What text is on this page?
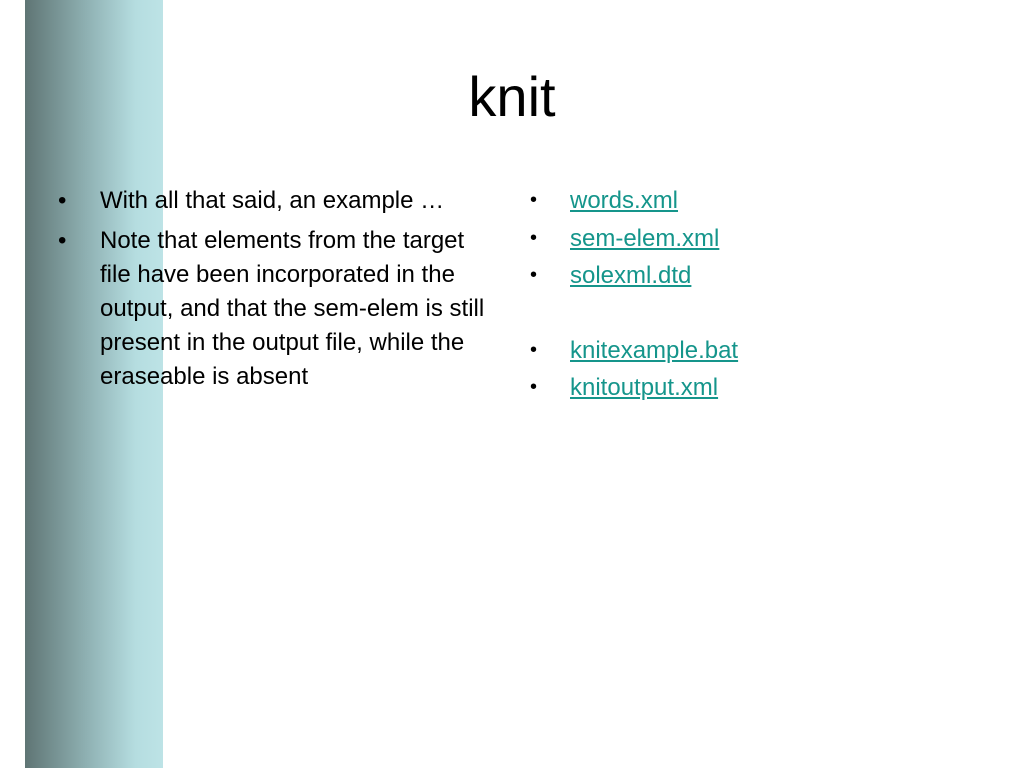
knit
• With all that said, an example …
• Note that elements from the target file have been incorporated in the output, and that the sem-elem is still present in the output file, while the eraseable is absent
• words.xml
• sem-elem.xml
• solexml.dtd
• knitexample.bat
• knitoutput.xml
